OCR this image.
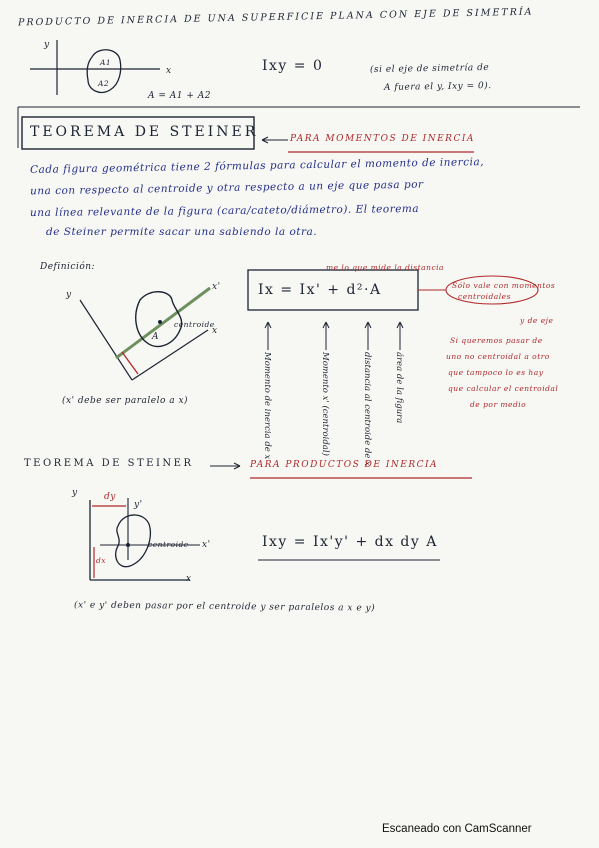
PRODUCTO DE INERCIA DE UNA SUPERFICIE PLANA CON EJE DE SIMETRÍA
y
x
A1
A2
A = A1 + A2
Ixy = 0	(si el eje de simetría de
A fuera el y, Ixy = 0).
TEOREMA DE STEINER	PARA MOMENTOS DE INERCIA
Cada figura geométrica tiene 2 fórmulas para calcular el momento de inercia,
una con respecto al centroide y otra respecto a un eje que pasa por
una línea relevante de la figura (cara/cateto/diámetro). El teorema
de Steiner permite sacar una sabiendo la otra.
Definición:
y
x'
x
centroide
A
(x' debe ser paralelo a x)
Ix = Ix' + d²·A
me lo que mide la distancia
Sólo vale con momentos
centroidales
y de eje
Si queremos pasar de
uno no centroidal a otro
que tampoco lo es hay
que calcular el centroidal
de por medio
Momento de inercia de x	Momento x' (centroidal)	distancia al centroide de x	área de la figura
TEOREMA DE STEINER	PARA PRODUCTOS DE INERCIA
y	dy
y'
centroide x'
dx
x
Ixy = Ix'y' + dx dy A
(x' e y' deben pasar por el centroide y ser paralelos a x e y)
Escaneado con CamScanner
